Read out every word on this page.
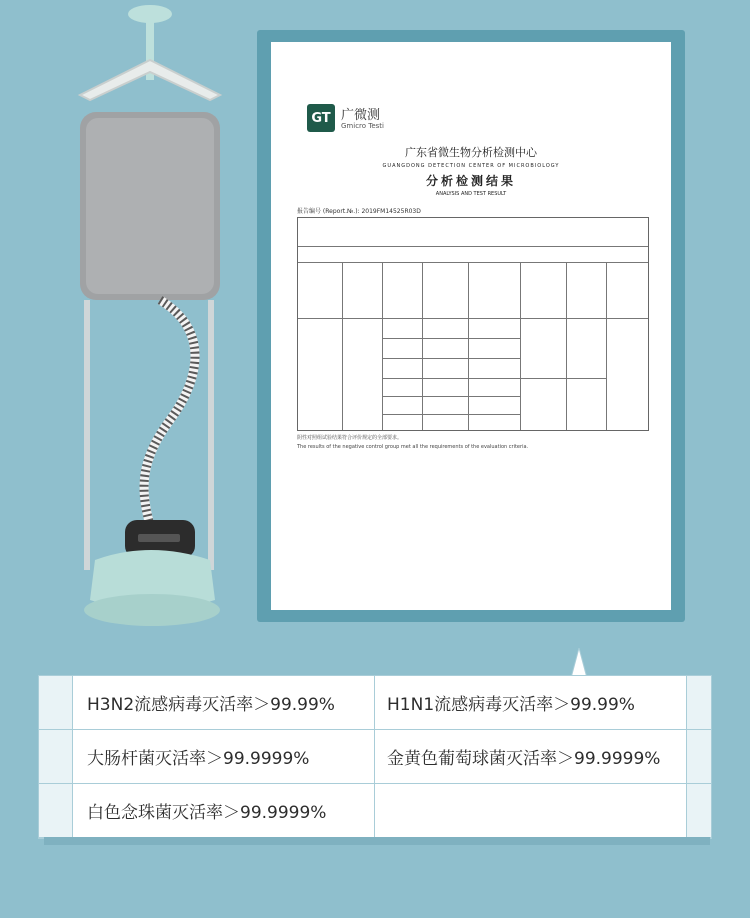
GT 广微测
Gmicro Testi
广东省微生物分析检测中心
GUANGDONG DETECTION CENTER OF MICROBIOLOGY
分析检测结果
ANALYSIS AND TEST RESULT
报告编号 (Report.№.): 2019FM14525R03D
阴性对照组试验结果符合评价规定的全部要求。
The results of the negative control group met all the requirements of the evaluation criteria.
H3N2流感病毒灭活率＞99.99%	H1N1流感病毒灭活率＞99.99%
大肠杆菌灭活率＞99.9999%	金黄色葡萄球菌灭活率＞99.9999%
白色念珠菌灭活率＞99.9999%
